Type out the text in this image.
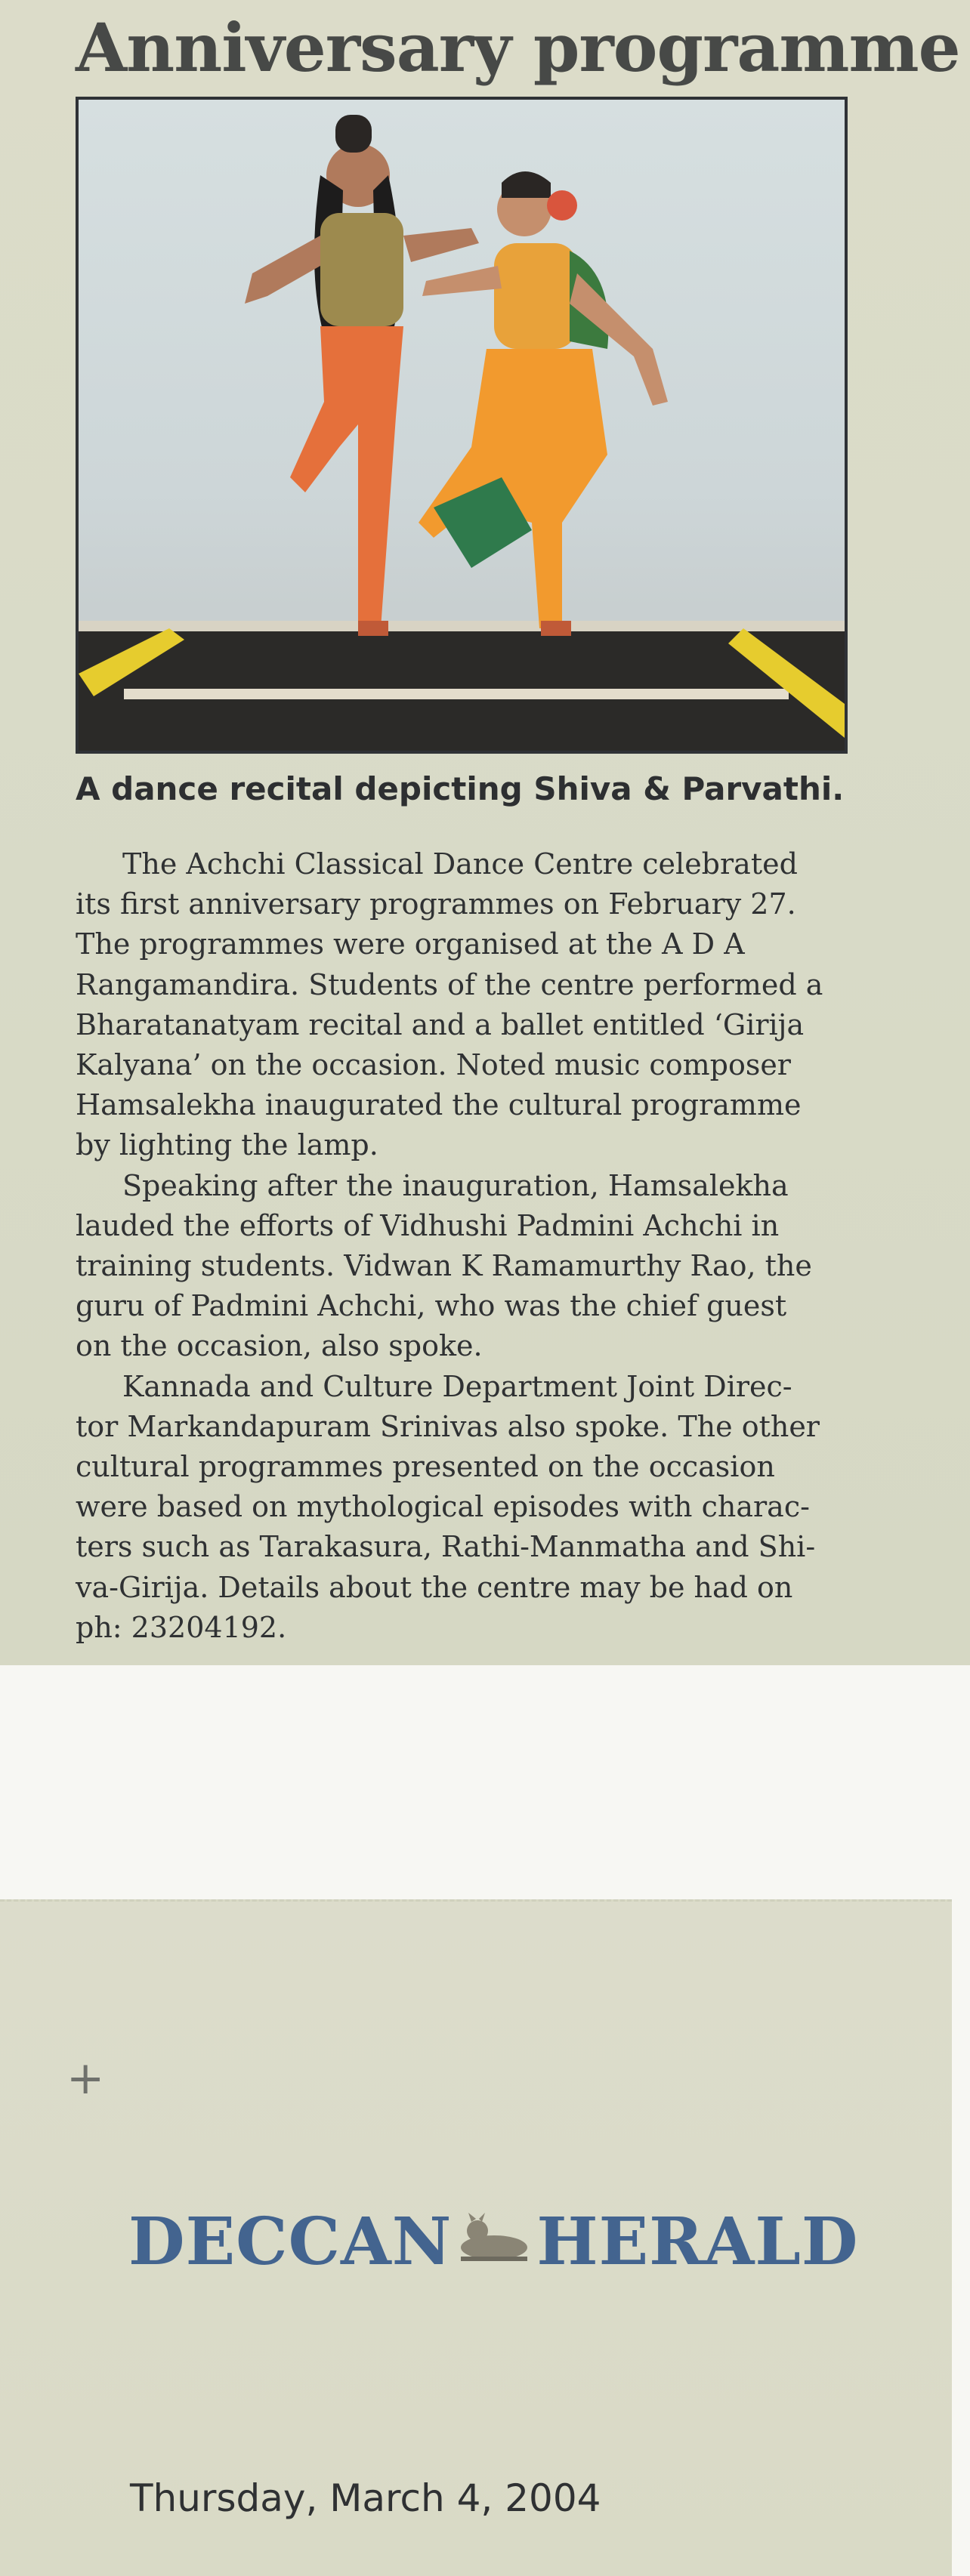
Anniversary programme
A dance recital depicting Shiva & Parvathi.
The Achchi Classical Dance Centre celebrated
its first anniversary programmes on February 27.
The programmes were organised at the A D A
Rangamandira. Students of the centre performed a
Bharatanatyam recital and a ballet entitled ‘Girija
Kalyana’ on the occasion. Noted music composer
Hamsalekha inaugurated the cultural programme
by lighting the lamp.
Speaking after the inauguration, Hamsalekha
lauded the efforts of Vidhushi Padmini Achchi in
training students. Vidwan K Ramamurthy Rao, the
guru of Padmini Achchi, who was the chief guest
on the occasion, also spoke.
Kannada and Culture Department Joint Direc-
tor Markandapuram Srinivas also spoke. The other
cultural programmes presented on the occasion
were based on mythological episodes with charac-
ters such as Tarakasura, Rathi-Manmatha and Shi-
va-Girija. Details about the centre may be had on
ph: 23204192.
+
DECCAN HERALD
Thursday, March 4, 2004
